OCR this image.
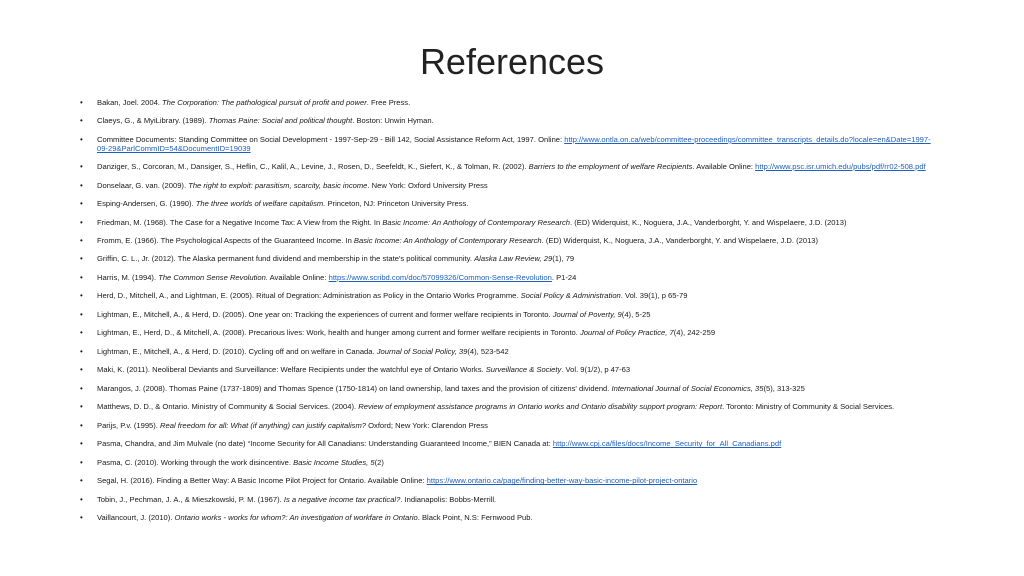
References
• Bakan, Joel. 2004. The Corporation: The pathological pursuit of profit and power. Free Press.
• Claeys, G., & MyiLibrary. (1989). Thomas Paine: Social and political thought. Boston: Unwin Hyman.
• Committee Documents: Standing Committee on Social Development - 1997-Sep-29 - Bill 142, Social Assistance Reform Act, 1997. Online: http://www.ontla.on.ca/web/committee-proceedings/committee_transcripts_details.do?locale=en&Date=1997-09-29&ParlCommID=54&DocumentID=19039
• Danziger, S., Corcoran, M., Dansiger, S., Heflin, C., Kalil, A., Levine, J., Rosen, D., Seefeldt, K., Siefert, K., & Tolman, R. (2002). Barriers to the employment of welfare Recipients. Available Online: http://www.psc.isr.umich.edu/pubs/pdf/rr02-508.pdf
• Donselaar, G. van. (2009). The right to exploit: parasitism, scarcity, basic income. New York: Oxford University Press
• Esping-Andersen, G. (1990). The three worlds of welfare capitalism. Princeton, NJ: Princeton University Press.
• Friedman, M. (1968). The Case for a Negative Income Tax: A View from the Right. In Basic Income: An Anthology of Contemporary Research. (ED) Widerquist, K., Noguera, J.A., Vanderborght, Y. and Wispelaere, J.D. (2013)
• Fromm, E. (1966). The Psychological Aspects of the Guaranteed Income. In Basic Income: An Anthology of Contemporary Research. (ED) Widerquist, K., Noguera, J.A., Vanderborght, Y. and Wispelaere, J.D. (2013)
• Griffin, C. L., Jr. (2012). The Alaska permanent fund dividend and membership in the state's political community. Alaska Law Review, 29(1), 79
• Harris, M. (1994). The Common Sense Revolution. Available Online: https://www.scribd.com/doc/57099326/Common-Sense-Revolution. P1-24
• Herd, D., Mitchell, A., and Lightman, E. (2005). Ritual of Degration: Administration as Policy in the Ontario Works Programme. Social Policy & Administration. Vol. 39(1), p 65-79
• Lightman, E., Mitchell, A., & Herd, D. (2005). One year on: Tracking the experiences of current and former welfare recipients in Toronto. Journal of Poverty, 9(4), 5-25
• Lightman, E., Herd, D., & Mitchell, A. (2008). Precarious lives: Work, health and hunger among current and former welfare recipients in Toronto. Journal of Policy Practice, 7(4), 242-259
• Lightman, E., Mitchell, A., & Herd, D. (2010). Cycling off and on welfare in Canada. Journal of Social Policy, 39(4), 523-542
• Maki, K. (2011). Neoliberal Deviants and Surveillance: Welfare Recipients under the watchful eye of Ontario Works. Surveillance & Society. Vol. 9(1/2), p 47-63
• Marangos, J. (2008). Thomas Paine (1737-1809) and Thomas Spence (1750-1814) on land ownership, land taxes and the provision of citizens' dividend. International Journal of Social Economics, 35(5), 313-325
• Matthews, D. D., & Ontario. Ministry of Community & Social Services. (2004). Review of employment assistance programs in Ontario works and Ontario disability support program: Report. Toronto: Ministry of Community & Social Services.
• Parijs, P.v. (1995). Real freedom for all: What (if anything) can justify capitalism? Oxford; New York: Clarendon Press
• Pasma, Chandra, and Jim Mulvale (no date) “Income Security for All Canadians: Understanding Guaranteed Income,” BIEN Canada at: http://www.cpj.ca/files/docs/Income_Security_for_All_Canadians.pdf
• Pasma, C. (2010). Working through the work disincentive. Basic Income Studies, 5(2)
• Segal, H. (2016). Finding a Better Way: A Basic Income Pilot Project for Ontario. Available Online: https://www.ontario.ca/page/finding-better-way-basic-income-pilot-project-ontario
• Tobin, J., Pechman, J. A., & Mieszkowski, P. M. (1967). Is a negative income tax practical?. Indianapolis: Bobbs-Merrill.
• Vaillancourt, J. (2010). Ontario works - works for whom?: An investigation of workfare in Ontario. Black Point, N.S: Fernwood Pub.
